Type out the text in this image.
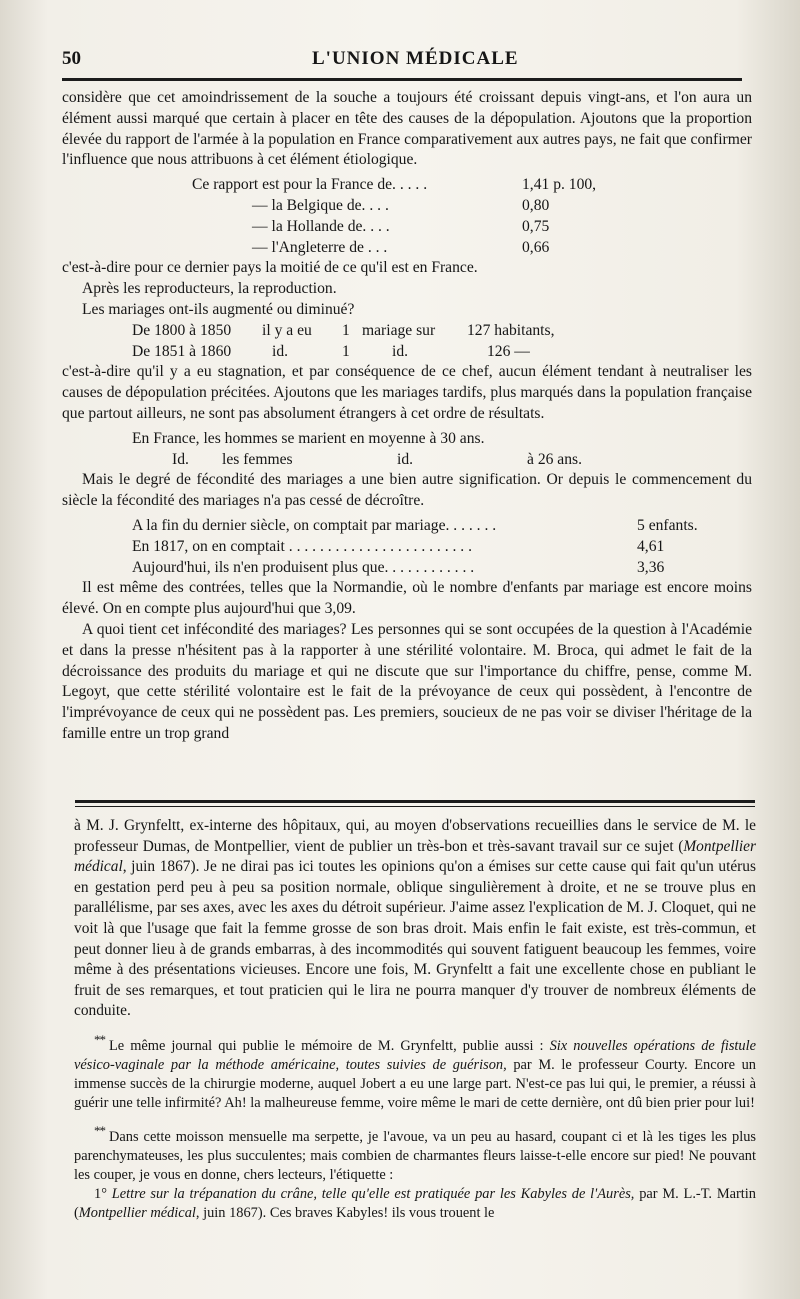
50	L'UNION MÉDICALE

considère que cet amoindrissement de la souche a toujours été croissant depuis vingt-ans, et l'on aura un élément aussi marqué que certain à placer en tête des causes de la dépopulation. Ajoutons que la proportion élevée du rapport de l'armée à la population en France comparativement aux autres pays, ne fait que confirmer l'influence que nous attribuons à cet élément étiologique.

Ce rapport est pour la France de. . . . .	1,41 p. 100,
— la Belgique de. . . .	0,80
— la Hollande de. . . .	0,75
— l'Angleterre de . . .	0,66

c'est-à-dire pour ce dernier pays la moitié de ce qu'il est en France.

Après les reproducteurs, la reproduction.

Les mariages ont-ils augmenté ou diminué?

De 1800 à 1850	il y a eu	1 mariage sur	127 habitants,
De 1851 à 1860	id.	1	id.	126 —

c'est-à-dire qu'il y a eu stagnation, et par conséquence de ce chef, aucun élément tendant à neutraliser les causes de dépopulation précitées. Ajoutons que les mariages tardifs, plus marqués dans la population française que partout ailleurs, ne sont pas absolument étrangers à cet ordre de résultats.

En France, les hommes se marient en moyenne à 30 ans.
Id.	les femmes	id.	à 26 ans.

Mais le degré de fécondité des mariages a une bien autre signification. Or depuis le commencement du siècle la fécondité des mariages n'a pas cessé de décroître.

A la fin du dernier siècle, on comptait par mariage. . . . . . .	5 enfants.
En 1817, on en comptait . . . . . . . . . . . . . . . . . . . . . . . .	4,61
Aujourd'hui, ils n'en produisent plus que. . . . . . . . . . . .	3,36

Il est même des contrées, telles que la Normandie, où le nombre d'enfants par mariage est encore moins élevé. On en compte plus aujourd'hui que 3,09.

A quoi tient cet infécondité des mariages? Les personnes qui se sont occupées de la question à l'Académie et dans la presse n'hésitent pas à la rapporter à une stérilité volontaire. M. Broca, qui admet le fait de la décroissance des produits du mariage et qui ne discute que sur l'importance du chiffre, pense, comme M. Legoyt, que cette stérilité volontaire est le fait de la prévoyance de ceux qui possèdent, à l'encontre de l'imprévoyance de ceux qui ne possèdent pas. Les premiers, soucieux de ne pas voir se diviser l'héritage de la famille entre un trop grand

à M. J. Grynfeltt, ex-interne des hôpitaux, qui, au moyen d'observations recueillies dans le service de M. le professeur Dumas, de Montpellier, vient de publier un très-bon et très-savant travail sur ce sujet (Montpellier médical, juin 1867). Je ne dirai pas ici toutes les opinions qu'on a émises sur cette cause qui fait qu'un utérus en gestation perd peu à peu sa position normale, oblique singulièrement à droite, et ne se trouve plus en parallélisme, par ses axes, avec les axes du détroit supérieur. J'aime assez l'explication de M. J. Cloquet, qui ne voit là que l'usage que fait la femme grosse de son bras droit. Mais enfin le fait existe, est très-commun, et peut donner lieu à de grands embarras, à des incommodités qui souvent fatiguent beaucoup les femmes, voire même à des présentations vicieuses. Encore une fois, M. Grynfeltt a fait une excellente chose en publiant le fruit de ses remarques, et tout praticien qui le lira ne pourra manquer d'y trouver de nombreux éléments de conduite.

** Le même journal qui publie le mémoire de M. Grynfeltt, publie aussi : Six nouvelles opérations de fistule vésico-vaginale par la méthode américaine, toutes suivies de guérison, par M. le professeur Courty. Encore un immense succès de la chirurgie moderne, auquel Jobert a eu une large part. N'est-ce pas lui qui, le premier, a réussi à guérir une telle infirmité? Ah! la malheureuse femme, voire même le mari de cette dernière, ont dû bien prier pour lui!

** Dans cette moisson mensuelle ma serpette, je l'avoue, va un peu au hasard, coupant ci et là les tiges les plus parenchymateuses, les plus succulentes; mais combien de charmantes fleurs laisse-t-elle encore sur pied! Ne pouvant les couper, je vous en donne, chers lecteurs, l'étiquette :

1° Lettre sur la trépanation du crâne, telle qu'elle est pratiquée par les Kabyles de l'Aurès, par M. L.-T. Martin (Montpellier médical, juin 1867). Ces braves Kabyles! ils vous trouent le
